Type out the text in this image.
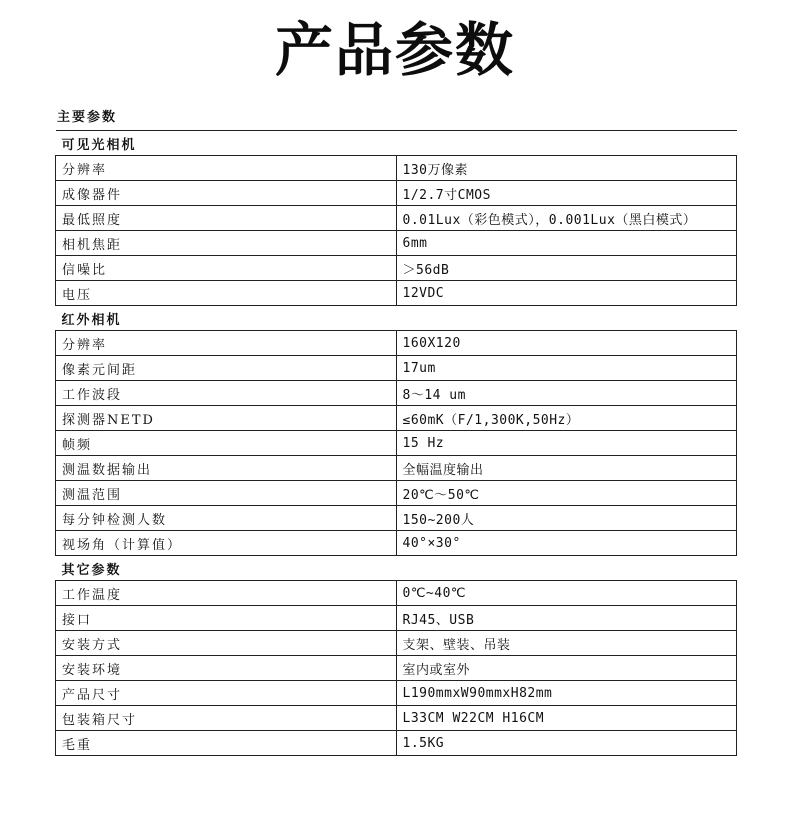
产品参数
主要参数
可见光相机	
分辨率	130万像素
成像器件	1/2.7寸CMOS
最低照度	0.01Lux（彩色模式），0.001Lux（黑白模式）
相机焦距	6mm
信噪比	＞56dB
电压	12VDC
红外相机	
分辨率	160X120
像素元间距	17um
工作波段	8～14 um
探测器NETD	≤60mK（F/1,300K,50Hz）
帧频	15 Hz
测温数据输出	全幅温度输出
测温范围	20℃～50℃
每分钟检测人数	150~200人
视场角（计算值）	40°×30°
其它参数	
工作温度	0℃~40℃
接口	RJ45、USB
安装方式	支架、壁装、吊装
安装环境	室内或室外
产品尺寸	L190mmxW90mmxH82mm
包装箱尺寸	L33CM W22CM H16CM
毛重	1.5KG
